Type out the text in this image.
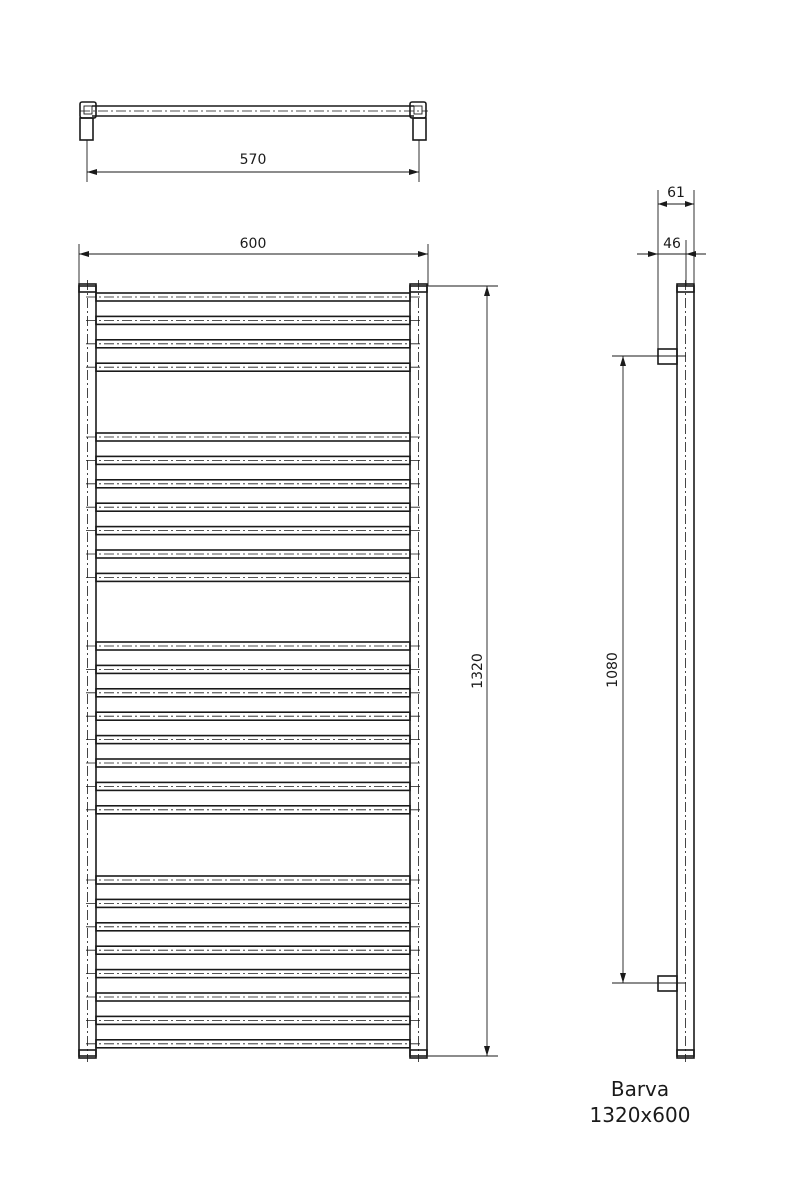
570
600
1320
61
46
1080
Barva
1320x600
